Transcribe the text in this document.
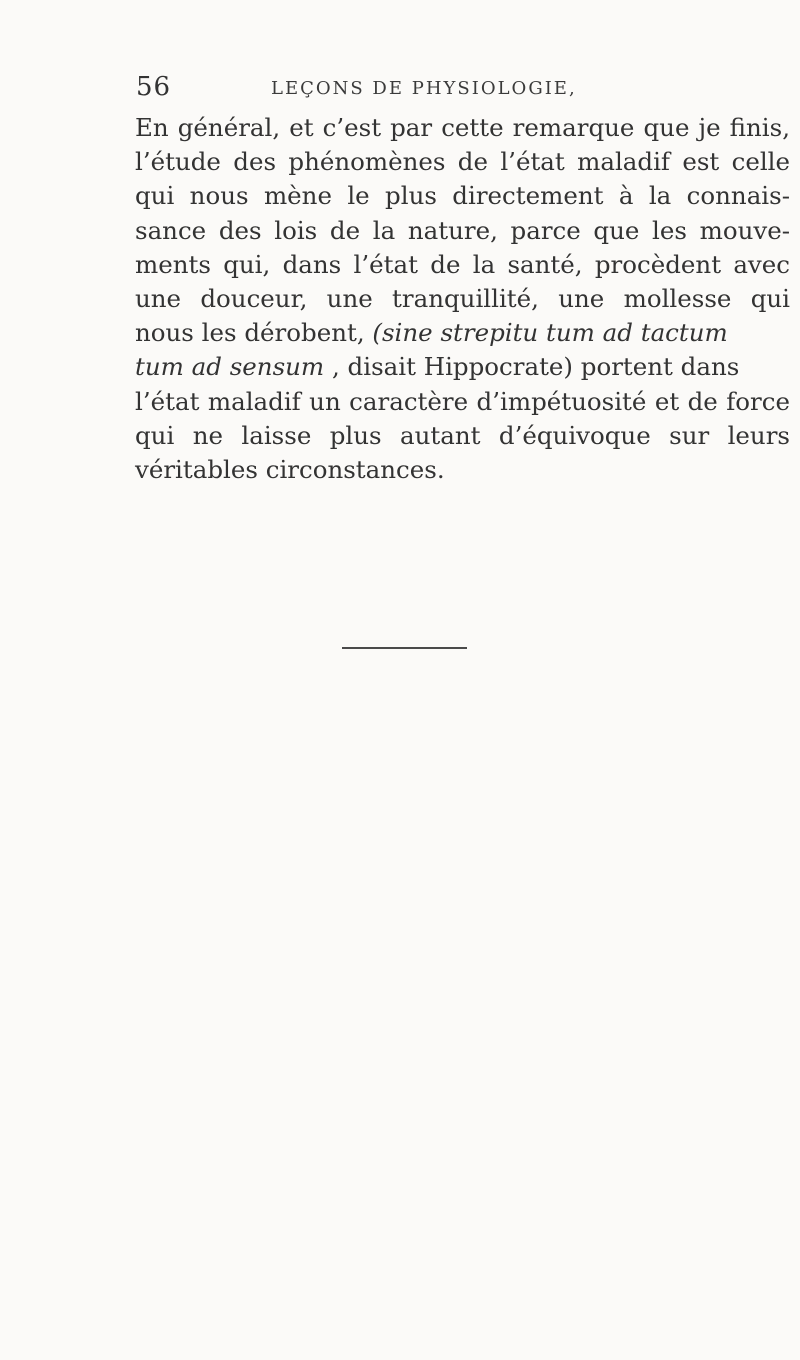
56	LEÇONS DE PHYSIOLOGIE,
En général, et c’est par cette remarque que je finis,
l’étude des phénomènes de l’état maladif est celle
qui nous mène le plus directement à la connais-
sance des lois de la nature, parce que les mouve-
ments qui, dans l’état de la santé, procèdent avec
une douceur, une tranquillité, une mollesse qui
nous les dérobent, (sine strepitu tum ad tactum
tum ad sensum , disait Hippocrate) portent dans
l’état maladif un caractère d’impétuosité et de force
qui ne laisse plus autant d’équivoque sur leurs
véritables circonstances.
